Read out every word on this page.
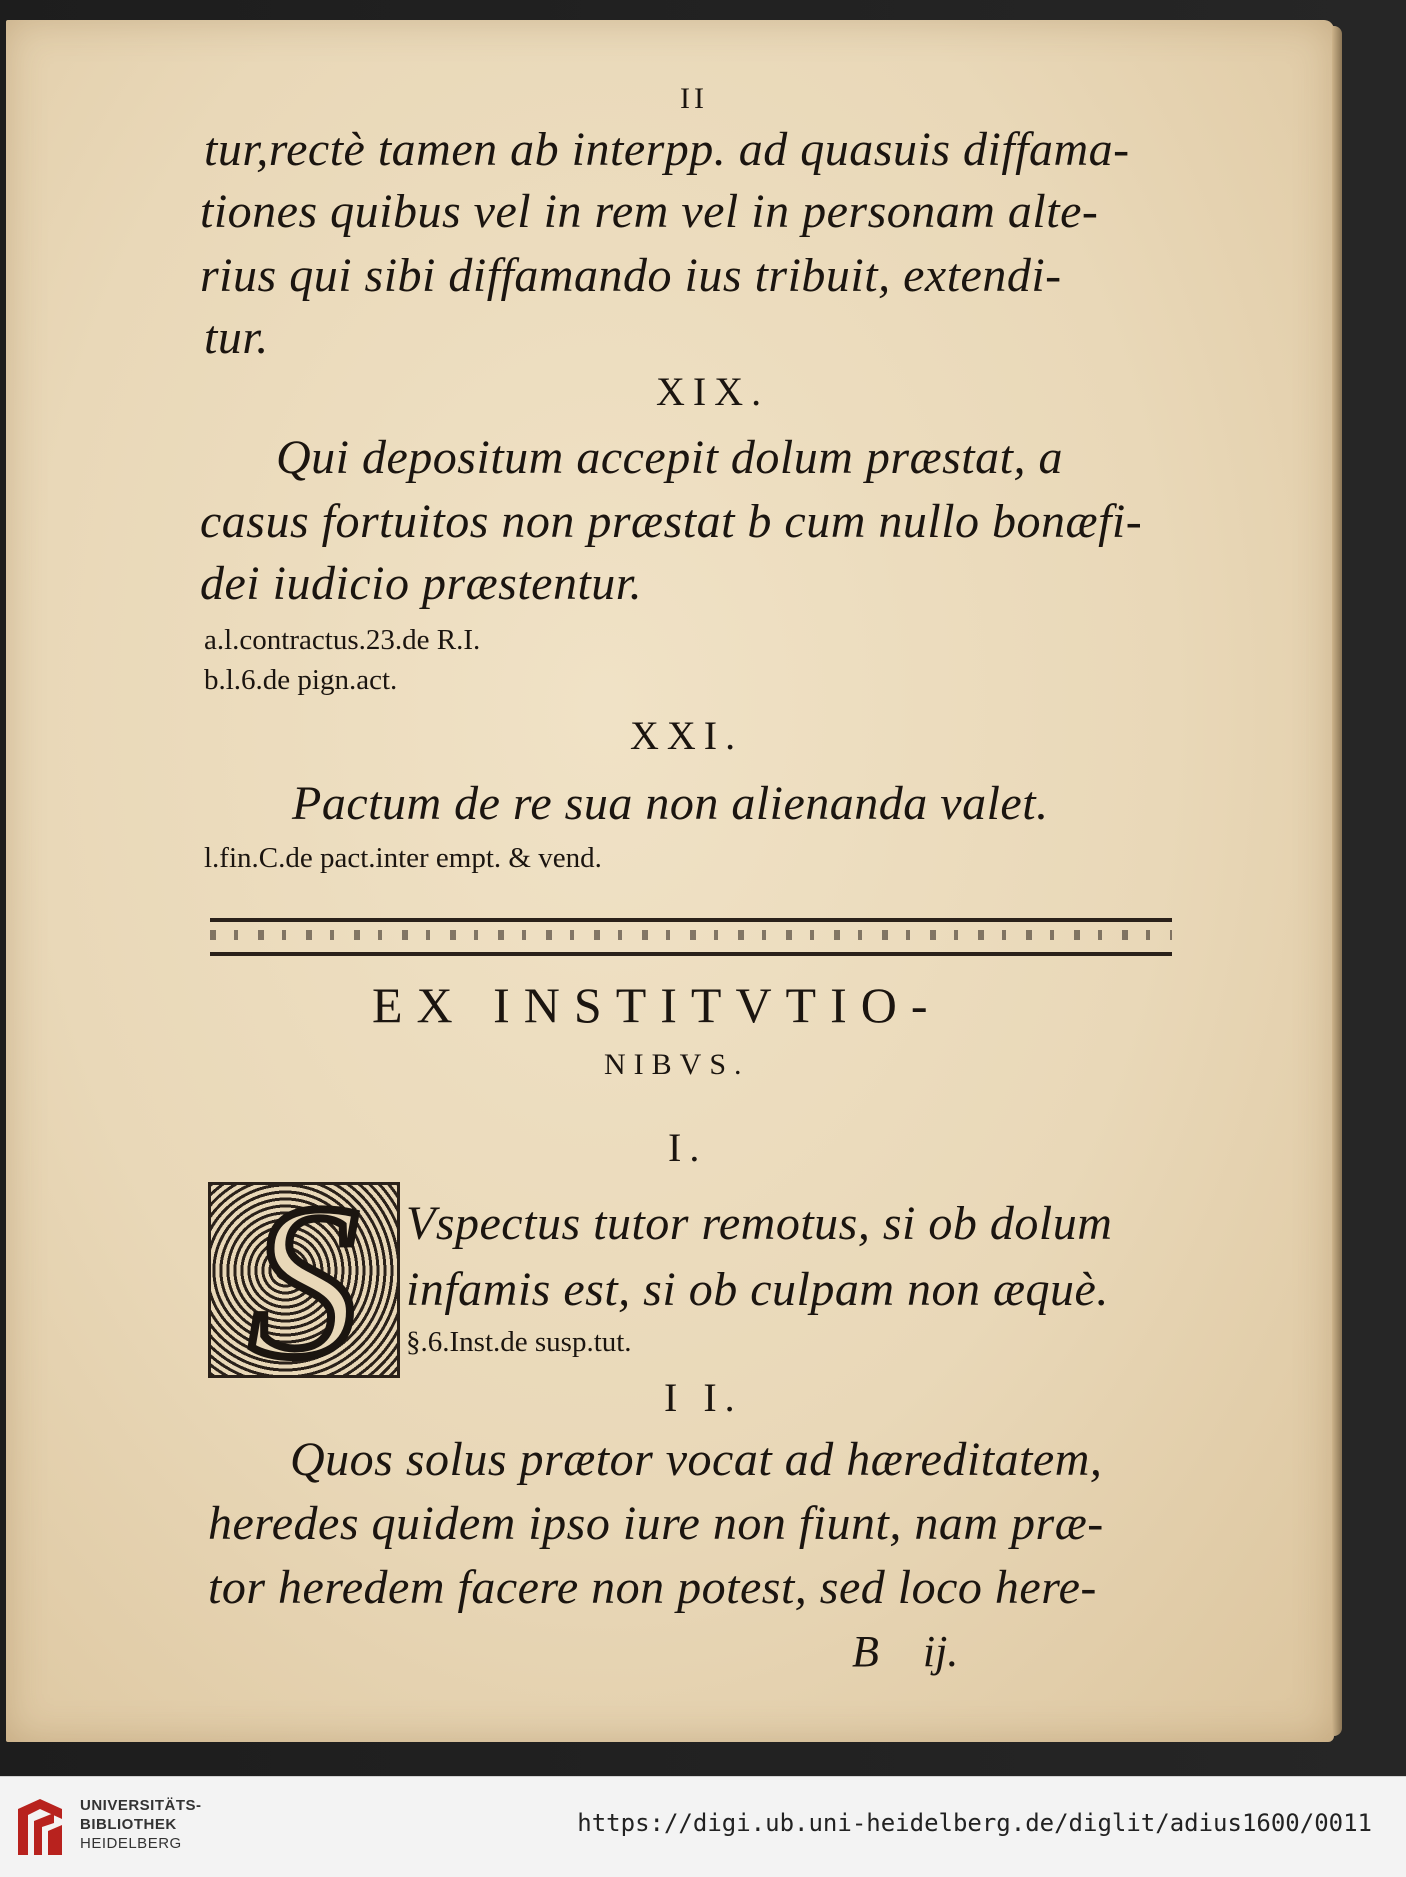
II
tur,rectè tamen ab interpp. ad quasuis diffama-
tiones quibus vel in rem vel in personam alte-
rius qui sibi diffamando ius tribuit, extendi-
tur.
XIX.
Qui depositum accepit dolum præstat, a
casus fortuitos non præstat b cum nullo bonæfi-
dei iudicio præstentur.
a.l.contractus.23.de R.I.
b.l.6.de pign.act.
XXI.
Pactum de re sua non alienanda valet.
l.fin.C.de pact.inter empt. & vend.
EX INSTITVTIO-
NIBVS.
I.
S Vspectus tutor remotus, si ob dolum
infamis est, si ob culpam non æquè.
§.6.Inst.de susp.tut.
I I.
Quos solus prætor vocat ad hæreditatem,
heredes quidem ipso iure non fiunt, nam præ-
tor heredem facere non potest, sed loco here-
B    ij.
UNIVERSITÄTS-
BIBLIOTHEK
HEIDELBERG
https://digi.ub.uni-heidelberg.de/diglit/adius1600/0011
